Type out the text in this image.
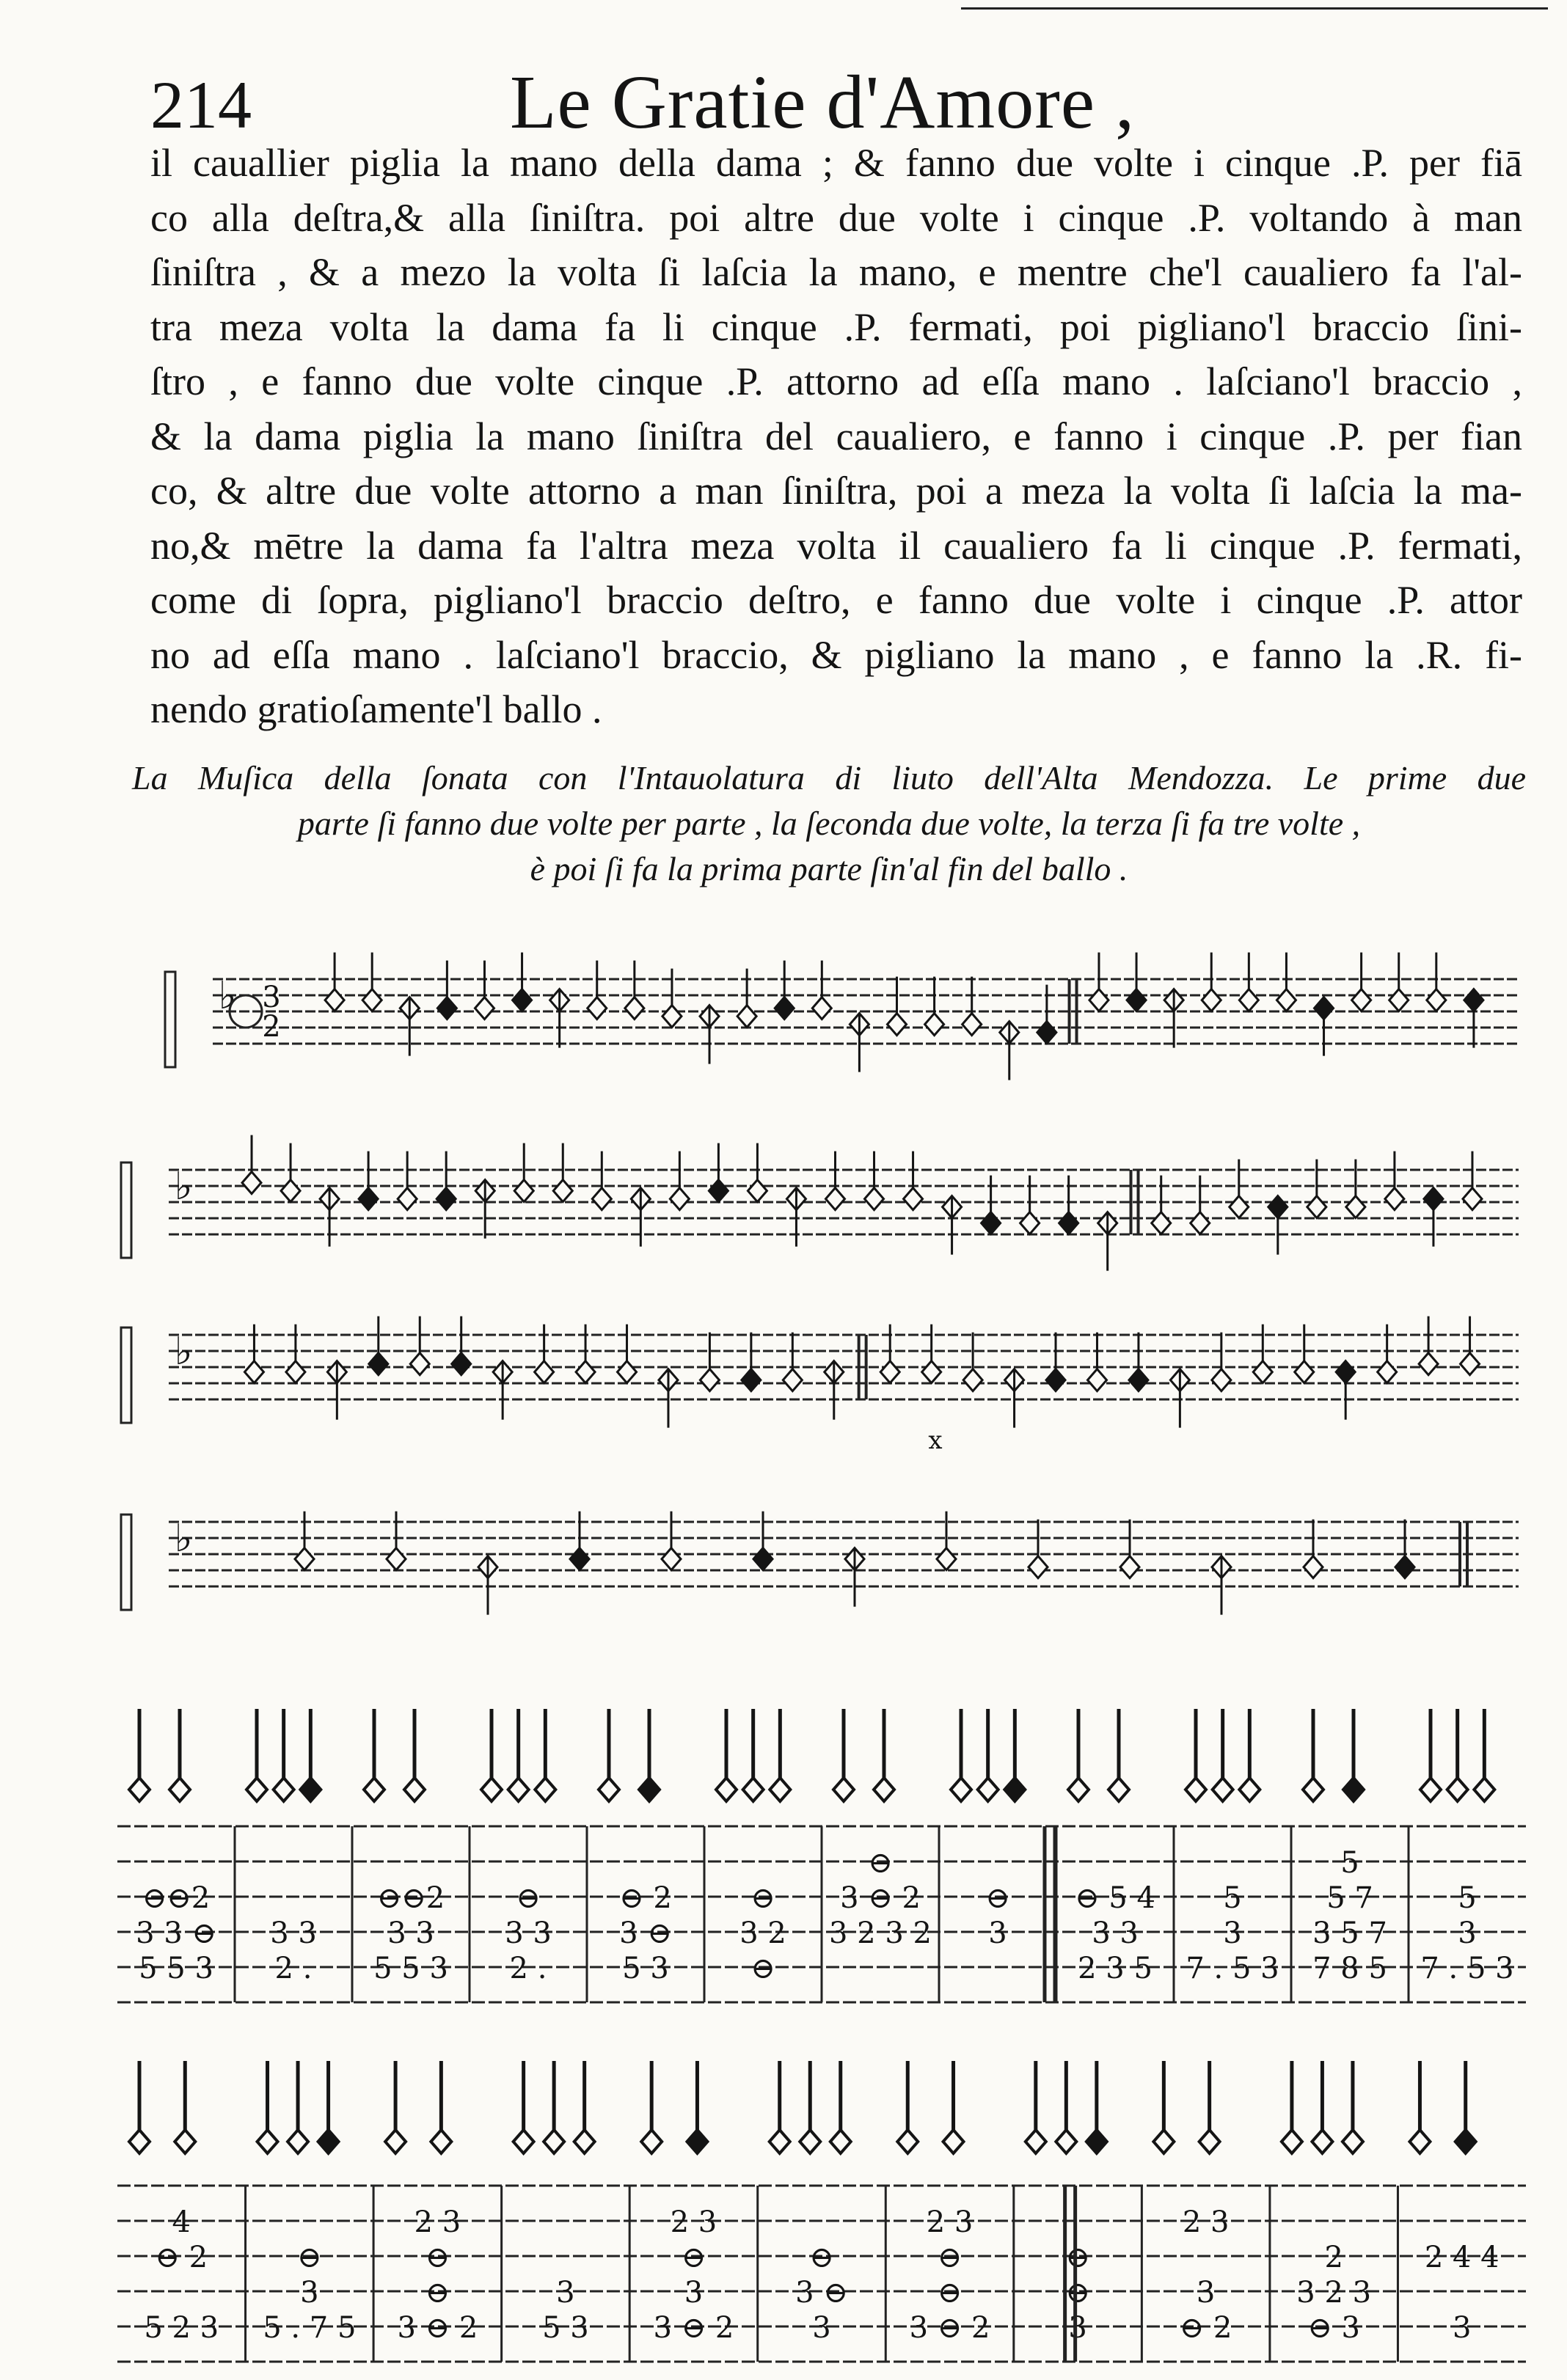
214	Le Gratie d'Amore ,
il cauallier piglia la mano della dama ; & fanno due volte i cinque .P. per fiā
co alla deſtra,& alla ſiniſtra. poi altre due volte i cinque .P. voltando à man
ſiniſtra , & a mezo la volta ſi laſcia la mano, e mentre che'l caualiero fa l'al-
tra meza volta la dama fa li cinque .P. fermati, poi pigliano'l braccio ſini-
ſtro , e fanno due volte cinque .P. attorno ad eſſa mano . laſciano'l braccio ,
& la dama piglia la mano ſiniſtra del caualiero, e fanno i cinque .P. per fian
co, & altre due volte attorno a man ſiniſtra, poi a meza la volta ſi laſcia la ma-
no,& mētre la dama fa l'altra meza volta il caualiero fa li cinque .P. fermati,
come di ſopra, pigliano'l braccio deſtro, e fanno due volte i cinque .P. attor
no ad eſſa mano . laſciano'l braccio, & pigliano la mano , e fanno la .R. fi-
nendo gratioſamente'l ballo .
La Muſica della ſonata con l'Intauolatura di liuto dell'Alta Mendozza. Le prime due
parte ſi fanno due volte per parte , la ſeconda due volte, la terza ſi fa tre volte ,
è poi ſi fa la prima parte ſin'al fin del ballo .
♭ 3
2
♭
♭
♭
x
⊖⊖2
3 3 ⊖
5 5 3
3 3
2 .
⊖⊖2
3 3
5 5 3
⊖
3 3
2 .
⊖ 2
3 ⊖
5 3
⊖
3 2
⊖
⊖
3 ⊖ 2
3 2 3 2
⊖
3
⊖ 5 4
3 3
2 3 5
5
3
7 . 5 3
5
5 7
3 5 7
7 8 5
5
3
7 . 5 3
4
⊖ 2
5 2 3
⊖
3
5 . 7 5
2 3
⊖
⊖
3 ⊖ 2
3
5 3
2 3
⊖
3
3 ⊖ 2
⊖
3 ⊖
3
2 3
⊖
⊖
3 ⊖ 2
⊖
⊖
3
2 3
3
⊖ 2
2
3 2 3
⊖ 3
2 4 4
3
